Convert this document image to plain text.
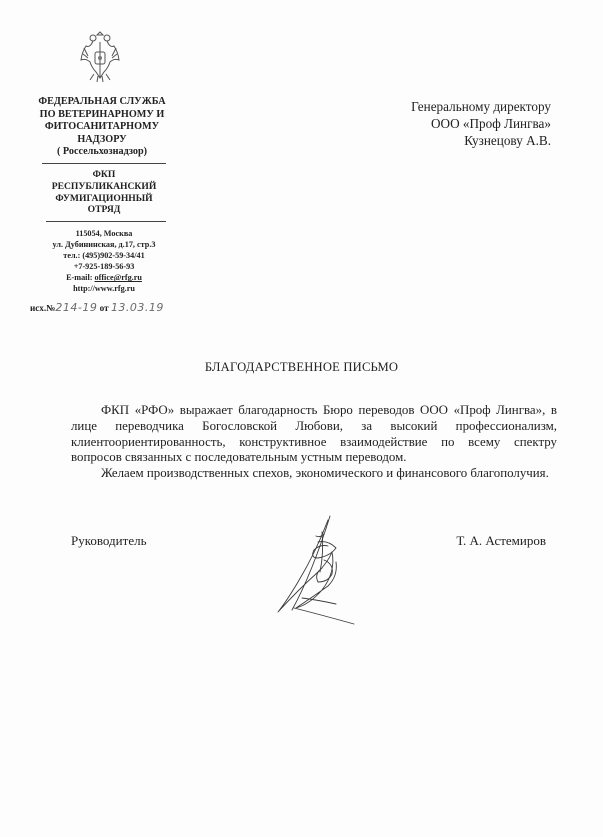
ФЕДЕРАЛЬНАЯ СЛУЖБА
ПО ВЕТЕРИНАРНОМУ И
ФИТОСАНИТАРНОМУ
НАДЗОРУ
( Россельхознадзор)
ФКП
РЕСПУБЛИКАНСКИЙ
ФУМИГАЦИОННЫЙ
ОТРЯД
115054, Москва
ул. Дубининская, д.17, стр.3
тел.: (495)902-59-34/41
+7-925-189-56-93
E-mail: office@rfg.ru
http://www.rfg.ru
исх.№214-19 от 13.03.19
Генеральному директору
ООО «Проф Лингва»
Кузнецову А.В.
БЛАГОДАРСТВЕННОЕ ПИСЬМО

ФКП «РФО» выражает благодарность Бюро переводов ООО «Проф Лингва», в лице переводчика Богословской Любови, за высокий профессионализм, клиентоориентированность, конструктивное взаимодействие по всему спектру вопросов связанных с последовательным устным переводом.

Желаем производственных спехов, экономического и финансового благополучия.

Руководитель	Т. А. Астемиров
